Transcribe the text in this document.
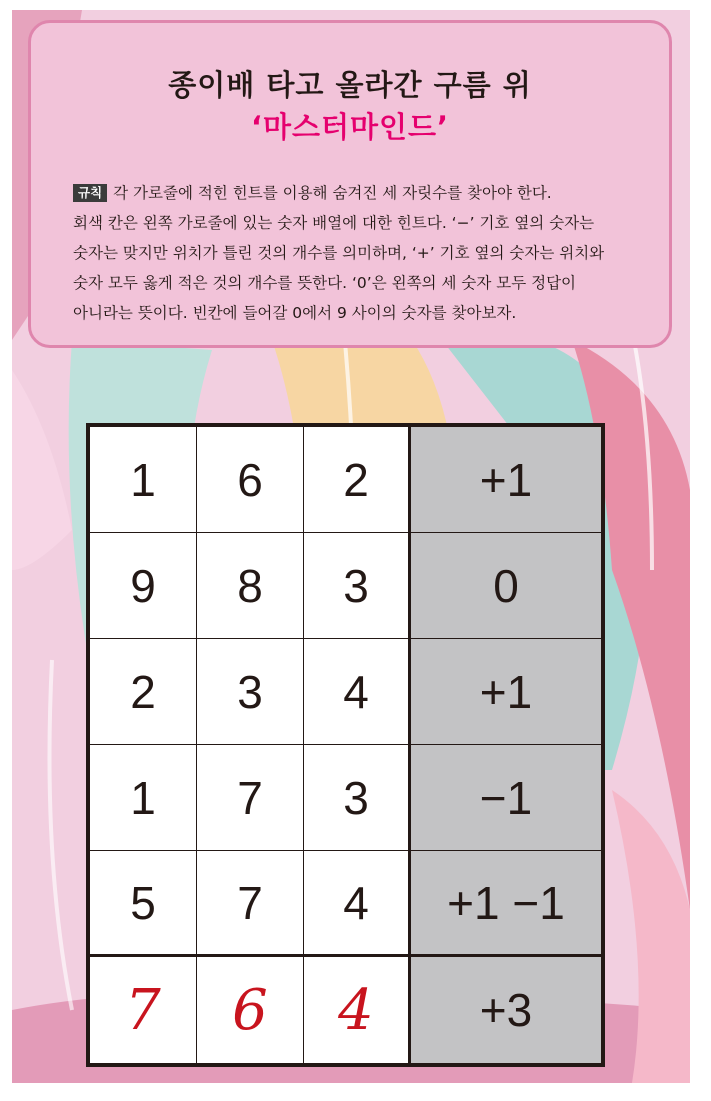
종이배 타고 올라간 구름 위
‘마스터마인드’
규칙 각 가로줄에 적힌 힌트를 이용해 숨겨진 세 자릿수를 찾아야 한다.
회색 칸은 왼쪽 가로줄에 있는 숫자 배열에 대한 힌트다. ‘−’ 기호 옆의 숫자는
숫자는 맞지만 위치가 틀린 것의 개수를 의미하며, ‘+’ 기호 옆의 숫자는 위치와
숫자 모두 옳게 적은 것의 개수를 뜻한다. ‘0’은 왼쪽의 세 숫자 모두 정답이
아니라는 뜻이다. 빈칸에 들어갈 0에서 9 사이의 숫자를 찾아보자.
1	6	2	+1
9	8	3	0
2	3	4	+1
1	7	3	−1
5	7	4	+1 −1
7	6	4	+3
